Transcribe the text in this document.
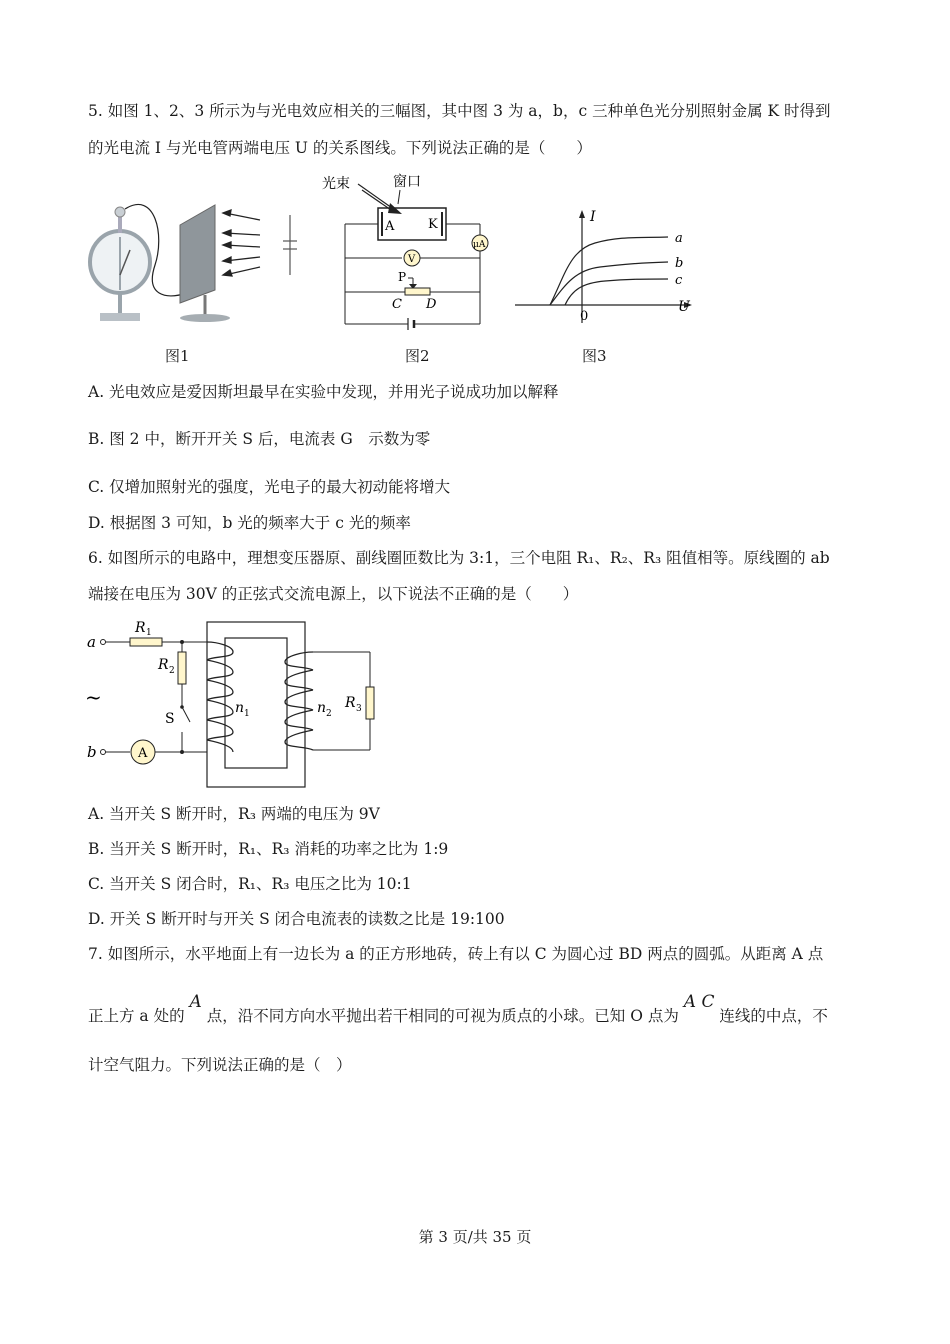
5. 如图 1、2、3 所示为与光电效应相关的三幅图，其中图 3 为 a，b，c 三种单色光分别照射金属 K 时得到
的光电流 I 与光电管两端电压 U 的关系图线。下列说法正确的是（　　）
图1
光束	窗口
A	K
μA
V
P
C D
图2
I
U
0
a
b
c
图3
A. 光电效应是爱因斯坦最早在实验中发现，并用光子说成功加以解释
B. 图 2 中，断开开关 S 后，电流表 G　示数为零
C. 仅增加照射光的强度，光电子的最大初动能将增大
D. 根据图 3 可知，b 光的频率大于 c 光的频率
6. 如图所示的电路中，理想变压器原、副线圈匝数比为 3:1，三个电阻 R₁、R₂、R₃ 阻值相等。原线圈的 ab
端接在电压为 30V 的正弦式交流电源上，以下说法不正确的是（　　）
a
R 1
R 2
S
~
b	A
n 1	n 2
R 3
A. 当开关 S 断开时，R₃ 两端的电压为 9V
B. 当开关 S 断开时，R₁、R₃ 消耗的功率之比为 1:9
C. 当开关 S 闭合时，R₁、R₃ 电压之比为 10:1
D. 开关 S 断开时与开关 S 闭合电流表的读数之比是 19:100
7. 如图所示，水平地面上有一边长为 a 的正方形地砖，砖上有以 C 为圆心过 BD 两点的圆弧。从距离 A 点
正上方 a 处的 A 点，沿不同方向水平抛出若干相同的可视为质点的小球。已知 O 点为 A C 连线的中点，不
计空气阻力。下列说法正确的是（　）
第 3 页/共 35 页
